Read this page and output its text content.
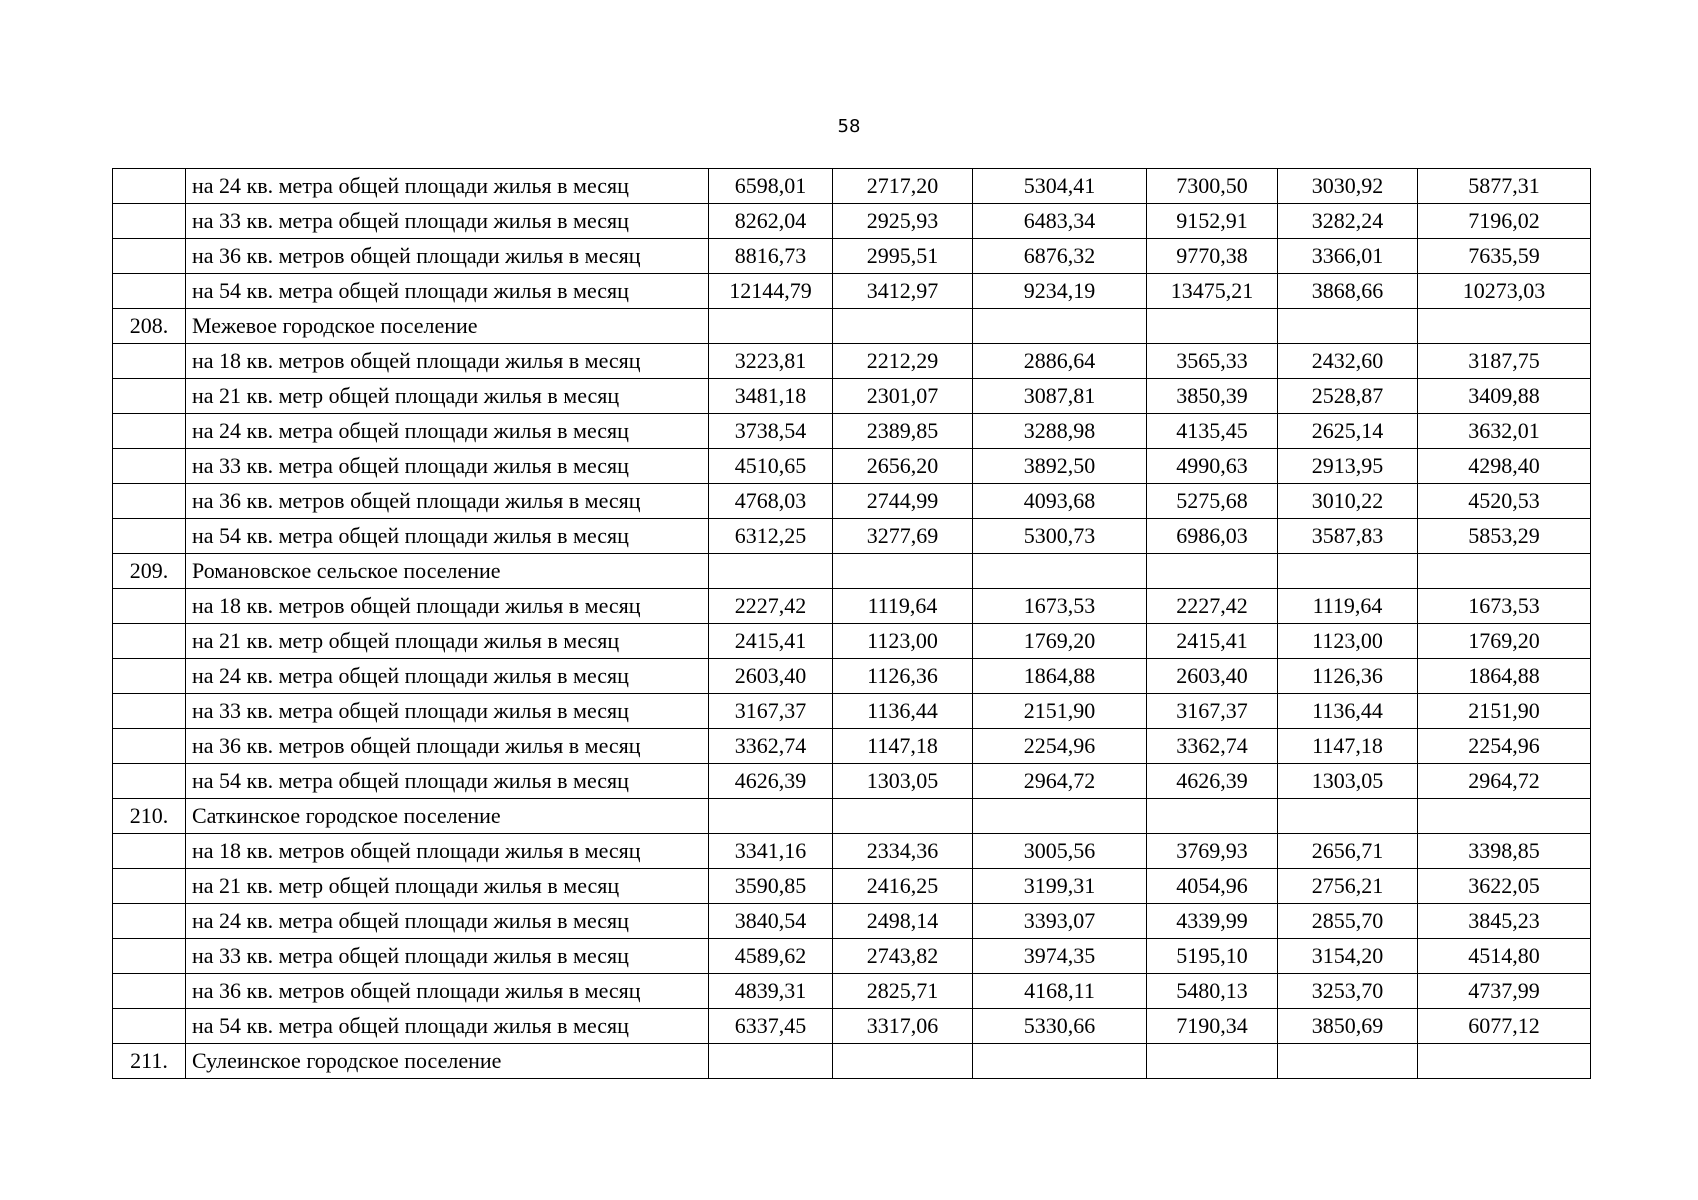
58
	на 24 кв. метра общей площади жилья в месяц	6598,01	2717,20	5304,41	7300,50	3030,92	5877,31
	на 33 кв. метра общей площади жилья в месяц	8262,04	2925,93	6483,34	9152,91	3282,24	7196,02
	на 36 кв. метров общей площади жилья в месяц	8816,73	2995,51	6876,32	9770,38	3366,01	7635,59
	на 54 кв. метра общей площади жилья в месяц	12144,79	3412,97	9234,19	13475,21	3868,66	10273,03
208.	Межевое городское поселение						
	на 18 кв. метров общей площади жилья в месяц	3223,81	2212,29	2886,64	3565,33	2432,60	3187,75
	на 21 кв. метр общей площади жилья в месяц	3481,18	2301,07	3087,81	3850,39	2528,87	3409,88
	на 24 кв. метра общей площади жилья в месяц	3738,54	2389,85	3288,98	4135,45	2625,14	3632,01
	на 33 кв. метра общей площади жилья в месяц	4510,65	2656,20	3892,50	4990,63	2913,95	4298,40
	на 36 кв. метров общей площади жилья в месяц	4768,03	2744,99	4093,68	5275,68	3010,22	4520,53
	на 54 кв. метра общей площади жилья в месяц	6312,25	3277,69	5300,73	6986,03	3587,83	5853,29
209.	Романовское сельское поселение						
	на 18 кв. метров общей площади жилья в месяц	2227,42	1119,64	1673,53	2227,42	1119,64	1673,53
	на 21 кв. метр общей площади жилья в месяц	2415,41	1123,00	1769,20	2415,41	1123,00	1769,20
	на 24 кв. метра общей площади жилья в месяц	2603,40	1126,36	1864,88	2603,40	1126,36	1864,88
	на 33 кв. метра общей площади жилья в месяц	3167,37	1136,44	2151,90	3167,37	1136,44	2151,90
	на 36 кв. метров общей площади жилья в месяц	3362,74	1147,18	2254,96	3362,74	1147,18	2254,96
	на 54 кв. метра общей площади жилья в месяц	4626,39	1303,05	2964,72	4626,39	1303,05	2964,72
210.	Саткинское городское поселение						
	на 18 кв. метров общей площади жилья в месяц	3341,16	2334,36	3005,56	3769,93	2656,71	3398,85
	на 21 кв. метр общей площади жилья в месяц	3590,85	2416,25	3199,31	4054,96	2756,21	3622,05
	на 24 кв. метра общей площади жилья в месяц	3840,54	2498,14	3393,07	4339,99	2855,70	3845,23
	на 33 кв. метра общей площади жилья в месяц	4589,62	2743,82	3974,35	5195,10	3154,20	4514,80
	на 36 кв. метров общей площади жилья в месяц	4839,31	2825,71	4168,11	5480,13	3253,70	4737,99
	на 54 кв. метра общей площади жилья в месяц	6337,45	3317,06	5330,66	7190,34	3850,69	6077,12
211.	Сулеинское городское поселение						
